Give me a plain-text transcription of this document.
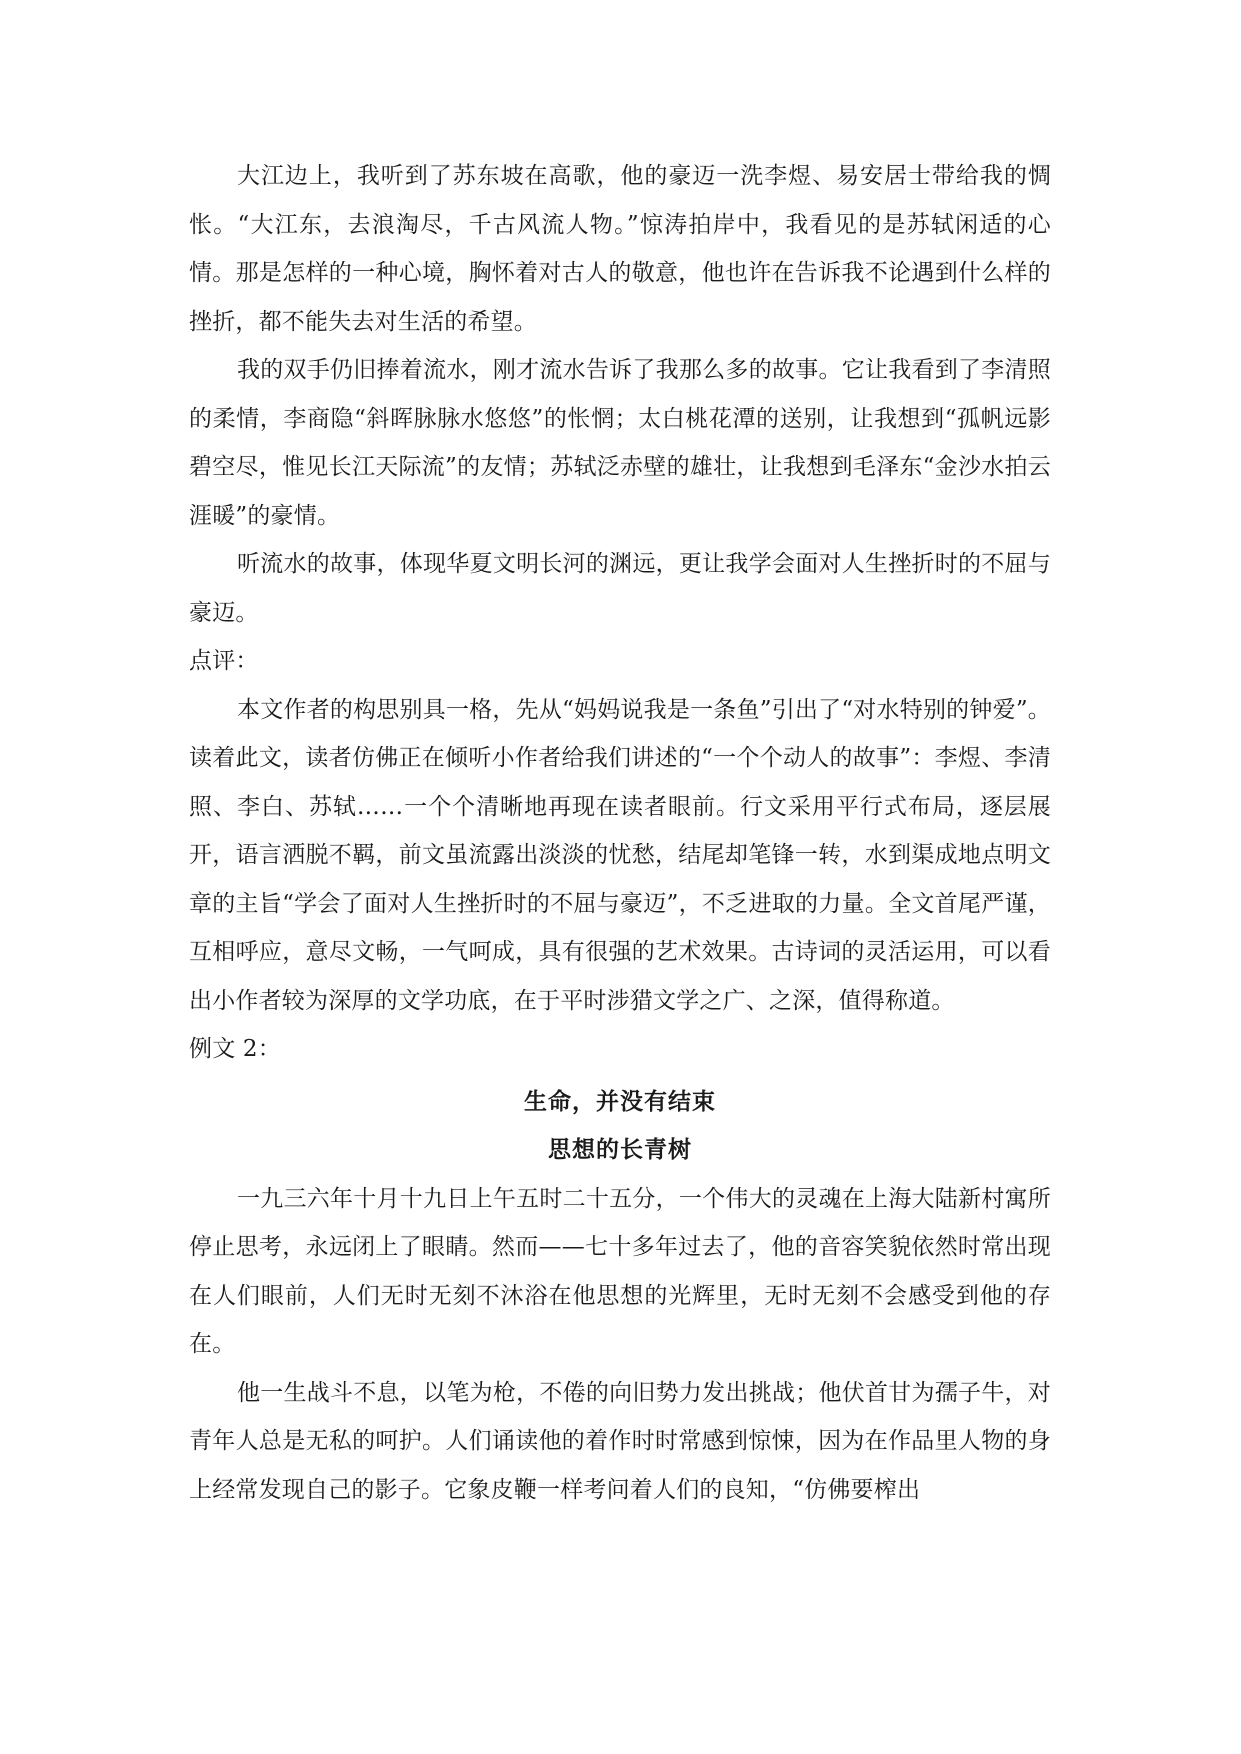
大江边上，我听到了苏东坡在高歌，他的豪迈一洗李煜、易安居士带给我的惆怅。“大江东，去浪淘尽，千古风流人物。”惊涛拍岸中，我看见的是苏轼闲适的心情。那是怎样的一种心境，胸怀着对古人的敬意，他也许在告诉我不论遇到什么样的挫折，都不能失去对生活的希望。

我的双手仍旧捧着流水，刚才流水告诉了我那么多的故事。它让我看到了李清照的柔情，李商隐“斜晖脉脉水悠悠”的怅惘；太白桃花潭的送别，让我想到“孤帆远影碧空尽，惟见长江天际流”的友情；苏轼泛赤壁的雄壮，让我想到毛泽东“金沙水拍云涯暖”的豪情。

听流水的故事，体现华夏文明长河的渊远，更让我学会面对人生挫折时的不屈与豪迈。

点评：

本文作者的构思别具一格，先从“妈妈说我是一条鱼”引出了“对水特别的钟爱”。读着此文，读者仿佛正在倾听小作者给我们讲述的“一个个动人的故事”：李煜、李清照、李白、苏轼……一个个清晰地再现在读者眼前。行文采用平行式布局，逐层展开，语言洒脱不羁，前文虽流露出淡淡的忧愁，结尾却笔锋一转，水到渠成地点明文章的主旨“学会了面对人生挫折时的不屈与豪迈”，不乏进取的力量。全文首尾严谨，互相呼应，意尽文畅，一气呵成，具有很强的艺术效果。古诗词的灵活运用，可以看出小作者较为深厚的文学功底，在于平时涉猎文学之广、之深，值得称道。

例文 2：

生命，并没有结束

思想的长青树

一九三六年十月十九日上午五时二十五分，一个伟大的灵魂在上海大陆新村寓所停止思考，永远闭上了眼睛。然而——七十多年过去了，他的音容笑貌依然时常出现在人们眼前，人们无时无刻不沐浴在他思想的光辉里，无时无刻不会感受到他的存在。

他一生战斗不息，以笔为枪，不倦的向旧势力发出挑战；他伏首甘为孺子牛，对青年人总是无私的呵护。人们诵读他的着作时时常感到惊悚，因为在作品里人物的身上经常发现自己的影子。它象皮鞭一样考问着人们的良知，“仿佛要榨出
